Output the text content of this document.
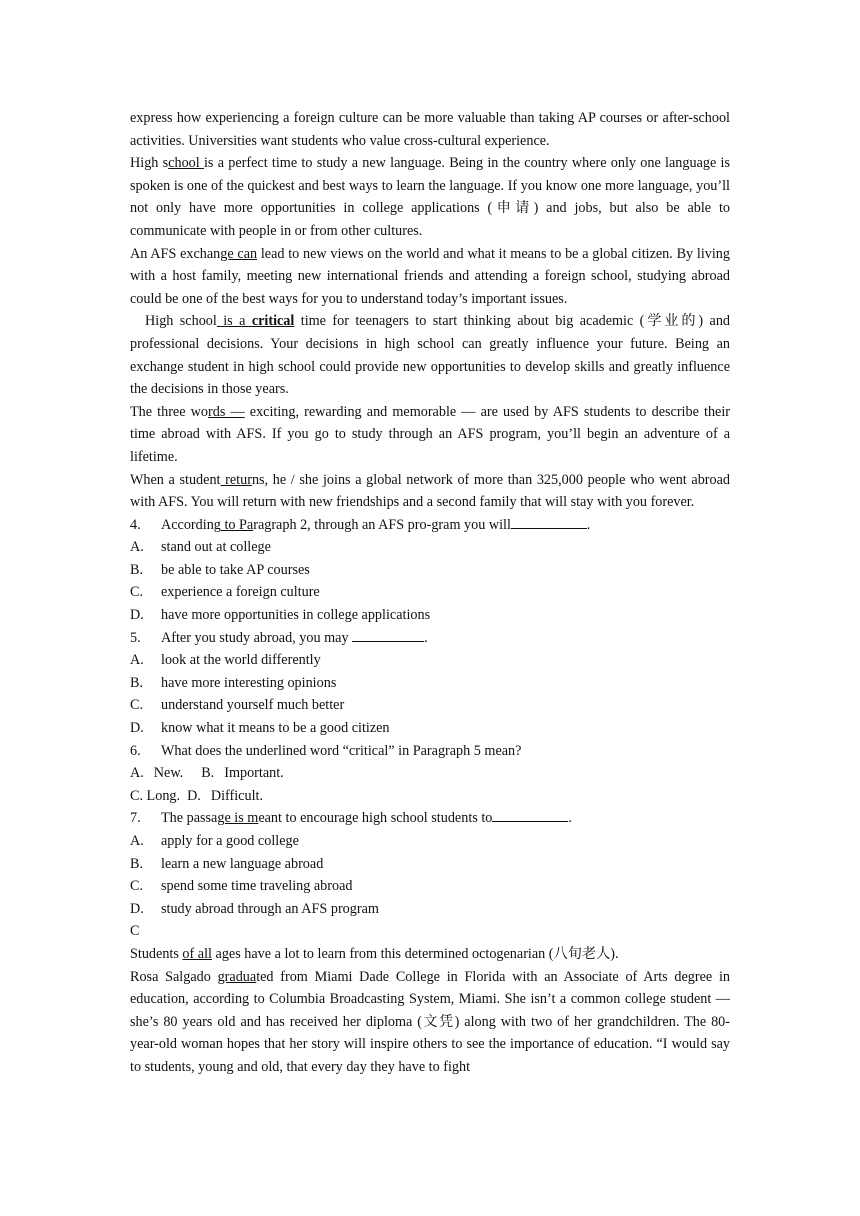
express how experiencing a foreign culture can be more valuable than taking AP courses or after-school activities. Universities want students who value cross-cultural experience.

High school is a perfect time to study a new language. Being in the country where only one language is spoken is one of the quickest and best ways to learn the language. If you know one more language, you’ll not only have more opportunities in college applications (申请) and jobs, but also be able to communicate with people in or from other cultures.

An AFS exchange can lead to new views on the world and what it means to be a global citizen. By living with a host family, meeting new international friends and attending a foreign school, studying abroad could be one of the best ways for you to understand today’s important issues.

High school is a critical time for teenagers to start thinking about big academic (学业的) and professional decisions. Your decisions in high school can greatly influence your future. Being an exchange student in high school could provide new opportunities to develop skills and greatly influence the decisions in those years.

The three words — exciting, rewarding and memorable — are used by AFS students to describe their time abroad with AFS. If you go to study through an AFS program, you’ll begin an adventure of a lifetime.

When a student returns, he / she joins a global network of more than 325,000 people who went abroad with AFS. You will return with new friendships and a second family that will stay with you forever.

4.	According to Paragraph 2, through an AFS pro-gram you will	.

A.	stand out at college

B.	be able to take AP courses

C.	experience a foreign culture

D.	have more opportunities in college applications

5.	After you study abroad, you may	.

A.	look at the world differently

B.	have more interesting opinions

C.	understand yourself much better

D.	know what it means to be a good citizen

6.	What does the underlined word “critical” in Paragraph 5 mean?

A. New. B. Important.

C. Long. D. Difficult.

7.	The passage is meant to encourage high school students to	.

A.	apply for a good college

B.	learn a new language abroad

C.	spend some time traveling abroad

D.	study abroad through an AFS program

C

Students of all ages have a lot to learn from this determined octogenarian (八旬老人).

Rosa Salgado graduated from Miami Dade College in Florida with an Associate of Arts degree in education, according to Columbia Broadcasting System, Miami. She isn’t a common college student — she’s 80 years old and has received her diploma (文凭) along with two of her grandchildren. The 80-year-old woman hopes that her story will inspire others to see the importance of education. “I would say to students, young and old, that every day they have to fight
